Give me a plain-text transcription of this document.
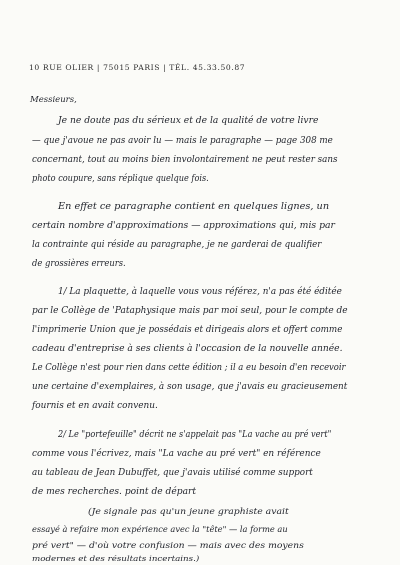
10 RUE OLIER | 75015 PARIS | TÉL. 45.33.50.87
Messieurs,
Je ne doute pas du sérieux et de la qualité de votre livre
— que j'avoue ne pas avoir lu — mais le paragraphe — page 308 me
concernant, tout au moins bien involontairement ne peut rester sans
photo coupure, sans réplique quelque fois.
En effet ce paragraphe contient en quelques lignes, un
certain nombre d'approximations — approximations qui, mis par
la contrainte qui réside au paragraphe, je ne garderai de qualifier
de grossières erreurs.
1/ La plaquette, à laquelle vous vous référez, n'a pas été éditée
par le Collège de 'Pataphysique mais par moi seul, pour le compte de
l'imprimerie Union que je possédais et dirigeais alors et offert comme
cadeau d'entreprise à ses clients à l'occasion de la nouvelle année.
Le Collège n'est pour rien dans cette édition ; il a eu besoin d'en recevoir
une certaine d'exemplaires, à son usage, que j'avais eu gracieusement
fournis et en avait convenu.
2/ Le "portefeuille" décrit ne s'appelait pas "La vache au pré vert"
comme vous l'écrivez, mais "La vache au pré vert" en référence
au tableau de Jean Dubuffet, que j'avais utilisé comme support
de mes recherches. point de départ
(Je signale pas qu'un jeune graphiste avait
essayé à refaire mon expérience avec la "tête" — la forme au
pré vert" — d'où votre confusion — mais avec des moyens
modernes et des résultats incertains.)
